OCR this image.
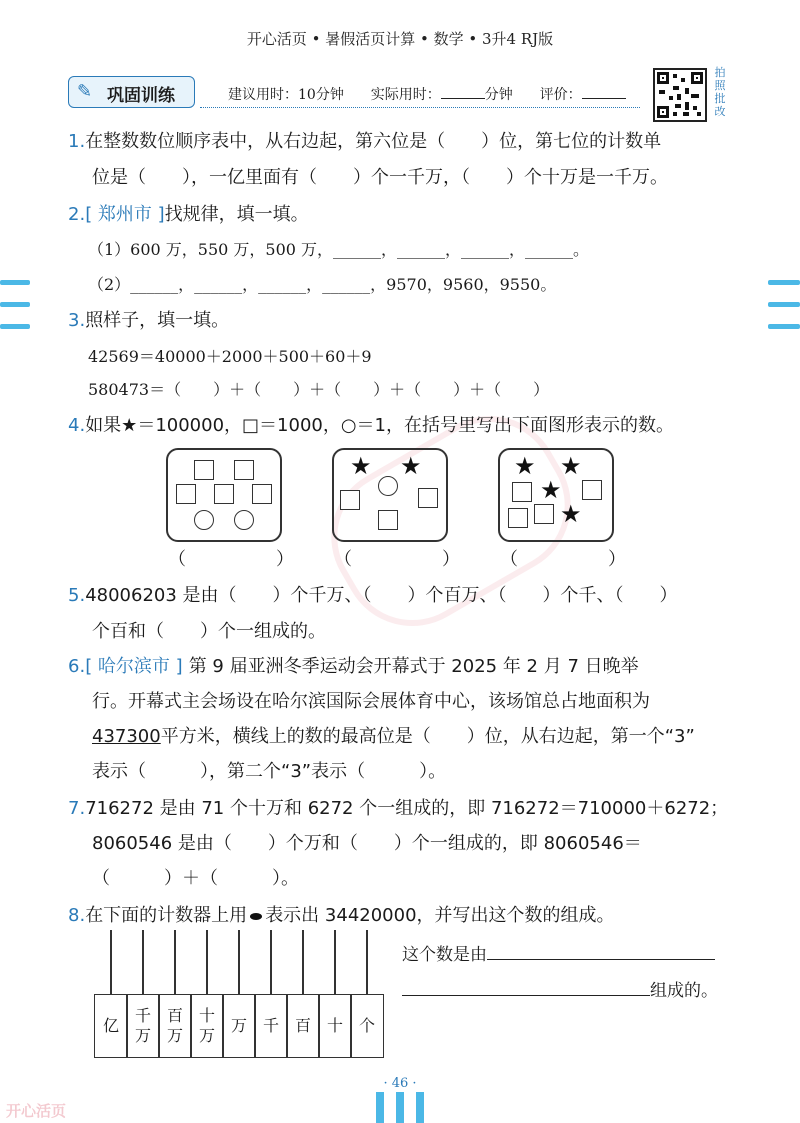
开心活页 • 暑假活页计算 • 数学 • 3升4 RJ版
✎ 巩固训练	建议用时：10分钟 实际用时：	分钟 评价：
拍
照
批
改
1.在整数数位顺序表中，从右边起，第六位是（　　）位，第七位的计数单
位是（　　），一亿里面有（　　）个一千万，（　　）个十万是一千万。
2.[ 郑州市 ]找规律，填一填。
（1）600 万，550 万，500 万，______，______，______，______。
（2）______，______，______，______，9570，9560，9550。
3.照样子，填一填。
42569＝40000＋2000＋500＋60＋9
580473＝（　　）＋（　　）＋（　　）＋（　　）＋（　　）
4.如果★＝100000，□＝1000，○＝1，在括号里写出下面图形表示的数。
★ ★	★ ★
★
★
（　　　　　） （　　　　　） （　　　　　）
5.48006203 是由（　　）个千万、（　　）个百万、（　　）个千、（　　）
个百和（　　）个一组成的。
6.[ 哈尔滨市 ] 第 9 届亚洲冬季运动会开幕式于 2025 年 2 月 7 日晚举
行。开幕式主会场设在哈尔滨国际会展体育中心，该场馆总占地面积为
437300平方米，横线上的数的最高位是（　　）位，从右边起，第一个“3”
表示（　　　），第二个“3”表示（　　　）。
7.716272 是由 71 个十万和 6272 个一组成的，即 716272＝710000＋6272；
8060546 是由（　　）个万和（　　）个一组成的，即 8060546＝
（　　　）＋（　　　）。
8.在下面的计数器上用 表示出 34420000，并写出这个数的组成。
亿
千万
百万
十万
万 千 百 十 个
这个数是由
组成的。
· 46 ·
开心活页
